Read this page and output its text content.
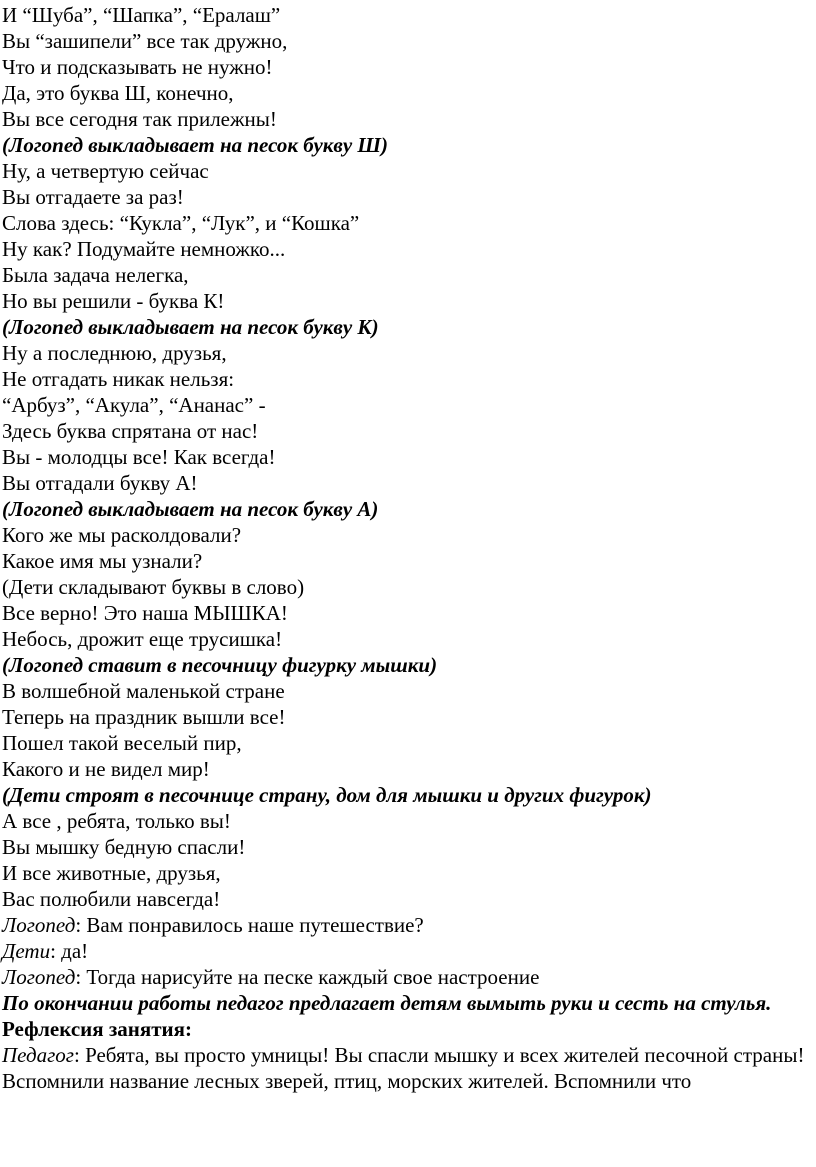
И “Шуба”, “Шапка”, “Ералаш”
Вы “зашипели” все так дружно,
Что и подсказывать не нужно!
Да, это буква Ш, конечно,
Вы все сегодня так прилежны!
(Логопед выкладывает на песок букву Ш)
Ну, а четвертую сейчас
Вы отгадаете за раз!
Слова здесь: “Кукла”, “Лук”, и “Кошка”
Ну как? Подумайте немножко...
Была задача нелегка,
Но вы решили - буква К!
(Логопед выкладывает на песок букву К)
Ну а последнюю, друзья,
Не отгадать никак нельзя:
“Арбуз”, “Акула”, “Ананас” -
Здесь буква спрятана от нас!
Вы - молодцы все! Как всегда!
Вы отгадали букву А!
(Логопед выкладывает на песок букву А)
Кого же мы расколдовали?
Какое имя мы узнали?
(Дети складывают буквы в слово)
Все верно! Это наша МЫШКА!
Небось, дрожит еще трусишка!
(Логопед ставит в песочницу фигурку мышки)
В волшебной маленькой стране
Теперь на праздник вышли все!
Пошел такой веселый пир,
Какого и не видел мир!
(Дети строят в песочнице страну, дом для мышки и других фигурок)
А все , ребята, только вы!
Вы мышку бедную спасли!
И все животные, друзья,
Вас полюбили навсегда!
Логопед: Вам понравилось наше путешествие?
Дети: да!
Логопед: Тогда нарисуйте на песке каждый свое настроение
По окончании работы педагог предлагает детям вымыть руки и сесть на стулья.
Рефлексия занятия:
Педагог: Ребята, вы просто умницы! Вы спасли мышку и всех жителей песочной страны! Вспомнили название лесных зверей, птиц, морских жителей. Вспомнили что
